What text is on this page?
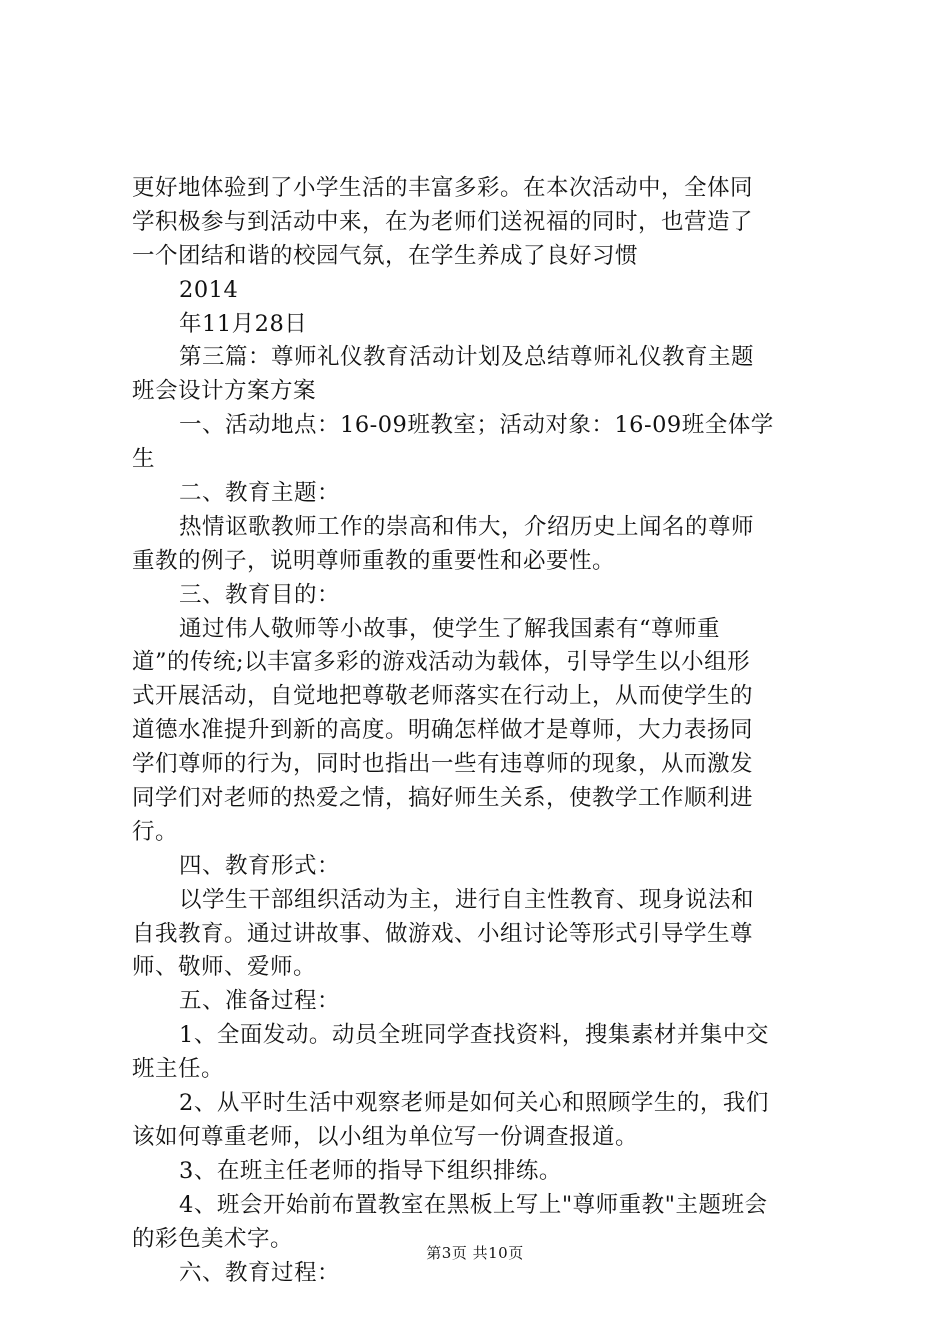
更好地体验到了小学生活的丰富多彩。在本次活动中，全体同
学积极参与到活动中来，在为老师们送祝福的同时，也营造了
一个团结和谐的校园气氛，在学生养成了良好习惯
2014
年11月28日
第三篇：尊师礼仪教育活动计划及总结尊师礼仪教育主题
班会设计方案方案
一、活动地点：16-09班教室；活动对象：16-09班全体学
生
二、教育主题：
热情讴歌教师工作的崇高和伟大，介绍历史上闻名的尊师
重教的例子，说明尊师重教的重要性和必要性。
三、教育目的：
通过伟人敬师等小故事，使学生了解我国素有“尊师重
道”的传统;以丰富多彩的游戏活动为载体，引导学生以小组形
式开展活动，自觉地把尊敬老师落实在行动上，从而使学生的
道德水准提升到新的高度。明确怎样做才是尊师，大力表扬同
学们尊师的行为，同时也指出一些有违尊师的现象，从而激发
同学们对老师的热爱之情，搞好师生关系，使教学工作顺利进
行。
四、教育形式：
以学生干部组织活动为主，进行自主性教育、现身说法和
自我教育。通过讲故事、做游戏、小组讨论等形式引导学生尊
师、敬师、爱师。
五、准备过程：
1、全面发动。动员全班同学查找资料，搜集素材并集中交
班主任。
2、从平时生活中观察老师是如何关心和照顾学生的，我们
该如何尊重老师，以小组为单位写一份调查报道。
3、在班主任老师的指导下组织排练。
4、班会开始前布置教室在黑板上写上"尊师重教"主题班会
的彩色美术字。
六、教育过程：
第3页 共10页
